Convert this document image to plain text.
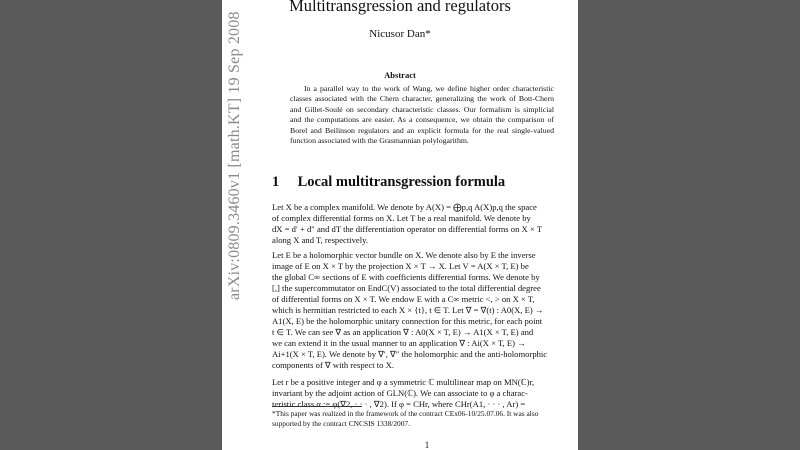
arXiv:0809.3460v1 [math.KT] 19 Sep 2008
Multitransgression and regulators
Nicusor Dan*
Abstract
In a parallel way to the work of Wang, we define higher order characteristic classes associated with the Chern character, generalizing the work of Bott-Chern and Gillet-Soulé on secondary characteristic classes. Our formalism is simplicial and the computations are easier. As a consequence, we obtain the comparison of Borel and Beilinson regulators and an explicit formula for the real single-valued function associated with the Grasmannian polylogarithm.
1 Local multitransgression formula
Let X be a complex manifold. We denote by A(X) = ⨁p,q A(X)p,q the space
of complex differential forms on X. Let T be a real manifold. We denote by
dX = d′ + d″ and dT the differentiation operator on differential forms on X × T
along X and T, respectively.
Let E be a holomorphic vector bundle on X. We denote also by E the inverse
image of E on X × T by the projection X × T → X. Let V = A(X × T, E) be
the global C∞ sections of E with coefficients differential forms. We denote by
[,] the supercommutator on EndC(V) associated to the total differential degree
of differential forms on X × T. We endow E with a C∞ metric <, > on X × T,
which is hermitian restricted to each X × {t}, t ∈ T. Let ∇ = ∇(t) : A0(X, E) →
A1(X, E) be the holomorphic unitary connection for this metric, for each point
t ∈ T. We can see ∇ as an application ∇ : A0(X × T, E) → A1(X × T, E) and
we can extend it in the usual manner to an application ∇ : Ai(X × T, E) →
Ai+1(X × T, E). We denote by ∇′, ∇″ the holomorphic and the anti-holomorphic
components of ∇ with respect to X.
Let r be a positive integer and φ a symmetric ℂ multilinear map on MN(ℂ)r,
invariant by the adjoint action of GLN(ℂ). We can associate to φ a charac-
teristic class α := φ(∇2, · · · , ∇2). If φ = CHr, where CHr(A1, · · · , Ar) =
*This paper was realized in the framework of the contract CEx06-10/25.07.06. It was also
supported by the contract CNCSIS 1338/2007.
1
